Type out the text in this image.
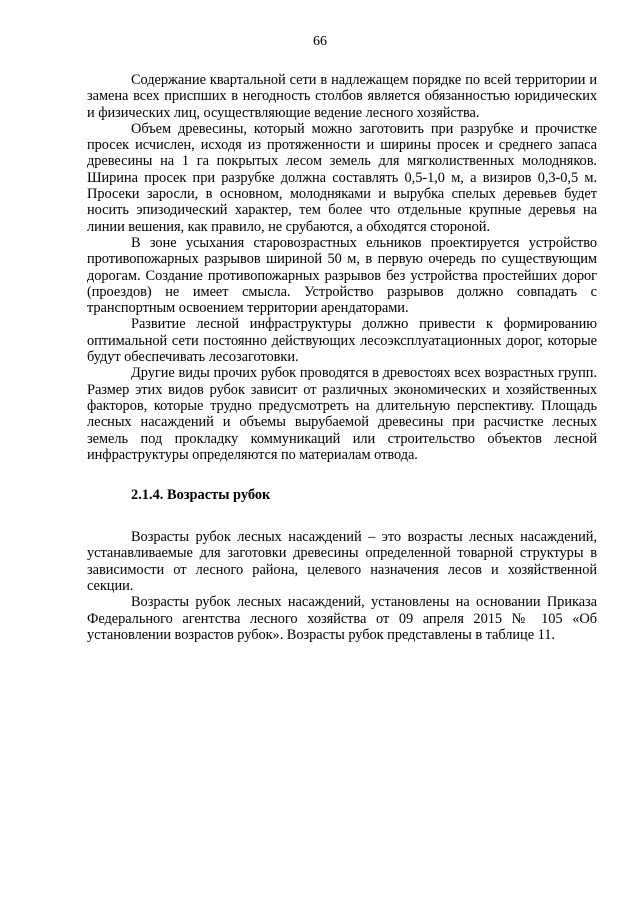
66

Содержание квартальной сети в надлежащем порядке по всей территории и замена всех приспших в негодность столбов является обязанностью юридических и физических лиц, осуществляющие ведение лесного хозяйства.

Объем древесины, который можно заготовить при разрубке и прочистке просек исчислен, исходя из протяженности и ширины просек и среднего запаса древесины на 1 га покрытых лесом земель для мягколиственных молодняков. Ширина просек при разрубке должна составлять 0,5-1,0 м, а визиров 0,3-0,5 м. Просеки заросли, в основном, молодняками и вырубка спелых деревьев будет носить эпизодический характер, тем более что отдельные крупные деревья на линии вешения, как правило, не срубаются, а обходятся стороной.

В зоне усыхания старовозрастных ельников проектируется устройство противопожарных разрывов шириной 50 м, в первую очередь по существующим дорогам. Создание противопожарных разрывов без устройства простейших дорог (проездов) не имеет смысла. Устройство разрывов должно совпадать с транспортным освоением территории арендаторами.

Развитие лесной инфраструктуры должно привести к формированию оптимальной сети постоянно действующих лесоэксплуатационных дорог, которые будут обеспечивать лесозаготовки.

Другие виды прочих рубок проводятся в древостоях всех возрастных групп. Размер этих видов рубок зависит от различных экономических и хозяйственных факторов, которые трудно предусмотреть на длительную перспективу. Площадь лесных насаждений и объемы вырубаемой древесины при расчистке лесных земель под прокладку коммуникаций или строительство объектов лесной инфраструктуры определяются по материалам отвода.

2.1.4. Возрасты рубок

Возрасты рубок лесных насаждений – это возрасты лесных насаждений, устанавливаемые для заготовки древесины определенной товарной структуры в зависимости от лесного района, целевого назначения лесов и хозяйственной секции.

Возрасты рубок лесных насаждений, установлены на основании Приказа Федерального агентства лесного хозяйства от 09 апреля 2015 № 105 «Об установлении возрастов рубок». Возрасты рубок представлены в таблице 11.
